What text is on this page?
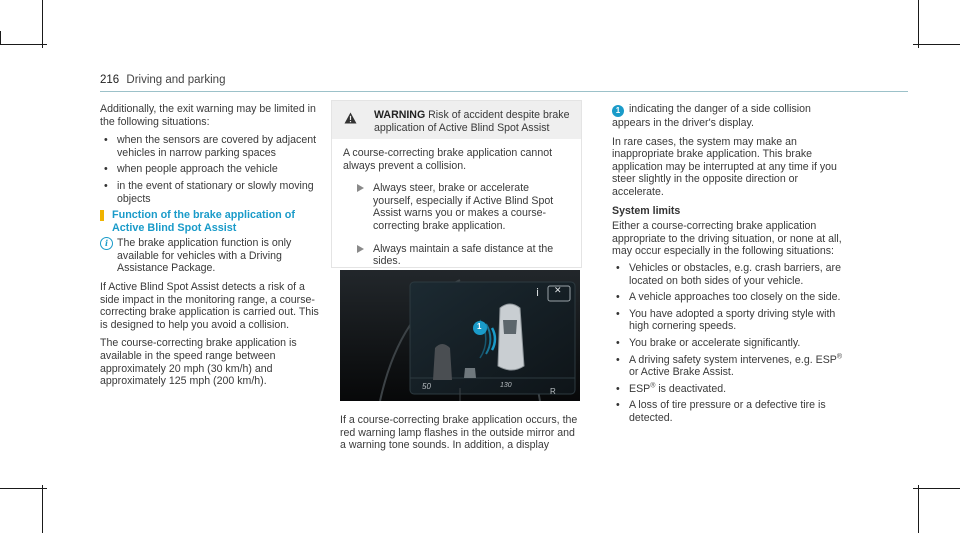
216 Driving and parking

Additionally, the exit warning may be limited in the following situations:

• when the sensors are covered by adjacent vehicles in narrow parking spaces
• when people approach the vehicle
• in the event of stationary or slowly moving objects
Function of the brake application of Active Blind Spot Assist
i The brake application function is only available for vehicles with a Driving Assistance Package.

If Active Blind Spot Assist detects a risk of a side impact in the monitoring range, a course-correcting brake application is carried out. This is designed to help you avoid a collision.

The course-correcting brake application is available in the speed range between approximately 20 mph (30 km/h) and approximately 125 mph (200 km/h).

WARNING Risk of accident despite brake application of Active Blind Spot Assist
A course-correcting brake application cannot always prevent a collision.
Always steer, brake or accelerate yourself, especially if Active Blind Spot Assist warns you or makes a course-correcting brake application.
Always maintain a safe distance at the sides.
i ✕
1
50	130
R
If a course-correcting brake application occurs, the red warning lamp flashes in the outside mirror and a warning tone sounds. In addition, a display

1 indicating the danger of a side collision appears in the driver's display.

In rare cases, the system may make an inappropriate brake application. This brake application may be interrupted at any time if you steer slightly in the opposite direction or accelerate.

System limits

Either a course-correcting brake application appropriate to the driving situation, or none at all, may occur especially in the following situations:

• Vehicles or obstacles, e.g. crash barriers, are located on both sides of your vehicle.
• A vehicle approaches too closely on the side.
• You have adopted a sporty driving style with high cornering speeds.
• You brake or accelerate significantly.
• A driving safety system intervenes, e.g. ESP® or Active Brake Assist.
• ESP® is deactivated.
• A loss of tire pressure or a defective tire is detected.
